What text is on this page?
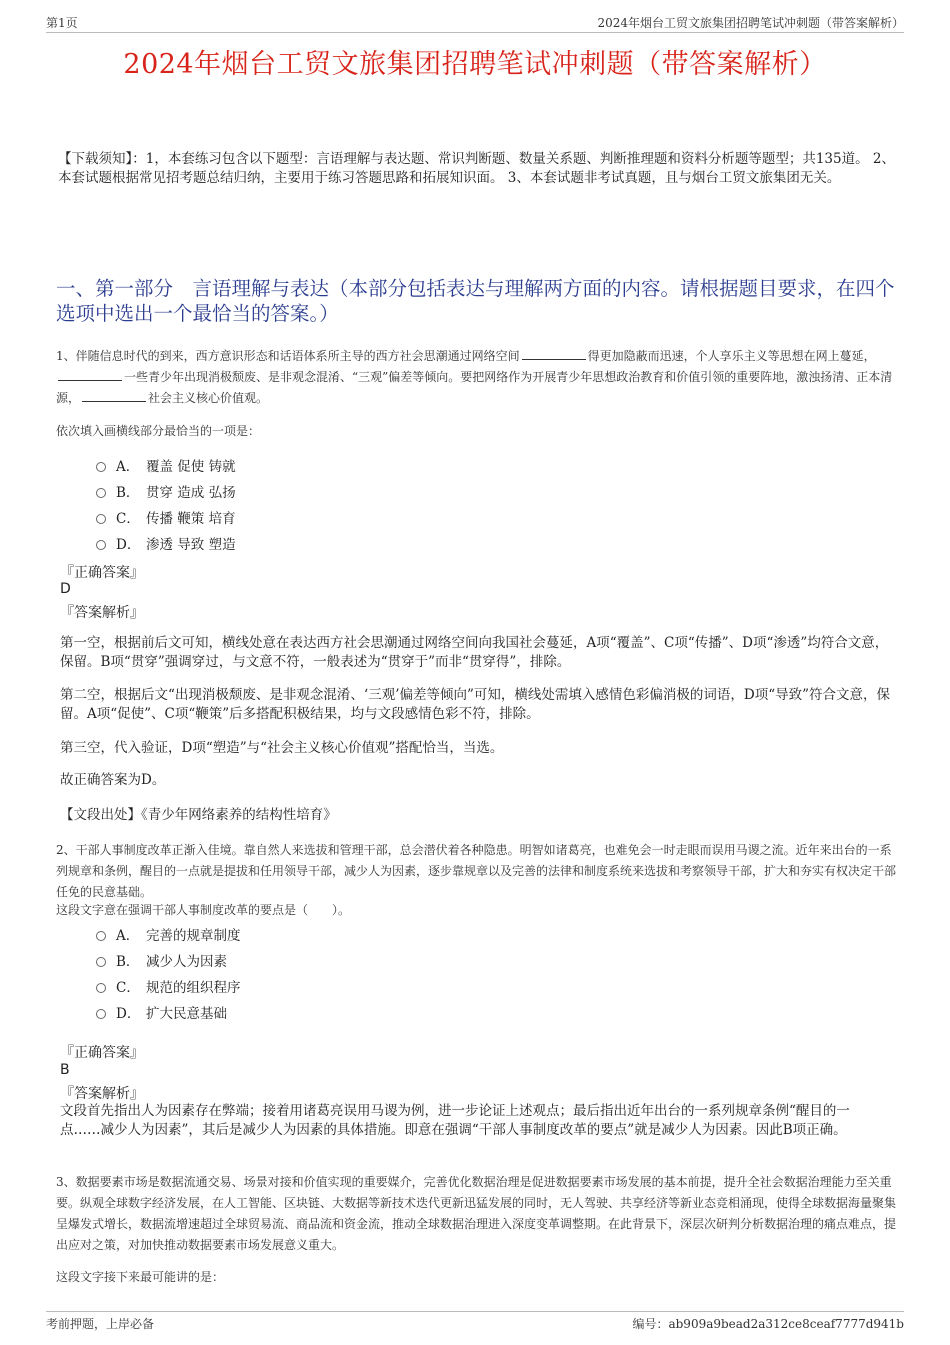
第1页	2024年烟台工贸文旅集团招聘笔试冲刺题（带答案解析）
2024年烟台工贸文旅集团招聘笔试冲刺题（带答案解析）
【下载须知】：1，本套练习包含以下题型：言语理解与表达题、常识判断题、数量关系题、判断推理题和资料分析题等题型；共135道。 2、本套试题根据常见招考题总结归纳，主要用于练习答题思路和拓展知识面。 3、本套试题非考试真题，且与烟台工贸文旅集团无关。
一、第一部分　言语理解与表达（本部分包括表达与理解两方面的内容。请根据题目要求，在四个选项中选出一个最恰当的答案。）
1、伴随信息时代的到来，西方意识形态和话语体系所主导的西方社会思潮通过网络空间	得更加隐蔽而迅速，个人享乐主义等思想在网上蔓延，一些青少年出现消极颓废、是非观念混淆、“三观”偏差等倾向。要把网络作为开展青少年思想政治教育和价值引领的重要阵地，激浊扬清、正本清源，	社会主义核心价值观。
依次填入画横线部分最恰当的一项是：
A． 覆盖 促使 铸就
B． 贯穿 造成 弘扬
C． 传播 鞭策 培育
D． 渗透 导致 塑造
『正确答案』
D
『答案解析』
第一空，根据前后文可知，横线处意在表达西方社会思潮通过网络空间向我国社会蔓延，A项“覆盖”、C项“传播”、D项“渗透”均符合文意，保留。B项“贯穿”强调穿过，与文意不符，一般表述为“贯穿于”而非“贯穿得”，排除。
第二空，根据后文“出现消极颓废、是非观念混淆、‘三观’偏差等倾向”可知，横线处需填入感情色彩偏消极的词语，D项“导致”符合文意，保留。A项“促使”、C项“鞭策”后多搭配积极结果，均与文段感情色彩不符，排除。
第三空，代入验证，D项“塑造”与“社会主义核心价值观”搭配恰当，当选。
故正确答案为D。
【文段出处】《青少年网络素养的结构性培育》
2、干部人事制度改革正渐入佳境。靠自然人来选拔和管理干部，总会潜伏着各种隐患。明智如诸葛亮，也难免会一时走眼而误用马谡之流。近年来出台的一系列规章和条例，醒目的一点就是提拔和任用领导干部，减少人为因素，逐步靠规章以及完善的法律和制度系统来选拔和考察领导干部，扩大和夯实有权决定干部任免的民意基础。
这段文字意在强调干部人事制度改革的要点是（　　）。
A． 完善的规章制度
B． 减少人为因素
C． 规范的组织程序
D． 扩大民意基础
『正确答案』
B
『答案解析』
文段首先指出人为因素存在弊端；接着用诸葛亮误用马谡为例，进一步论证上述观点；最后指出近年出台的一系列规章条例“醒目的一点……减少人为因素”，其后是减少人为因素的具体措施。即意在强调“干部人事制度改革的要点”就是减少人为因素。因此B项正确。
3、数据要素市场是数据流通交易、场景对接和价值实现的重要媒介，完善优化数据治理是促进数据要素市场发展的基本前提，提升全社会数据治理能力至关重要。纵观全球数字经济发展，在人工智能、区块链、大数据等新技术迭代更新迅猛发展的同时，无人驾驶、共享经济等新业态竞相涌现，使得全球数据海量聚集呈爆发式增长，数据流增速超过全球贸易流、商品流和资金流，推动全球数据治理进入深度变革调整期。在此背景下，深层次研判分析数据治理的痛点难点，提出应对之策，对加快推动数据要素市场发展意义重大。
这段文字接下来最可能讲的是：
考前押题，上岸必备	编号：ab909a9bead2a312ce8ceaf7777d941b
